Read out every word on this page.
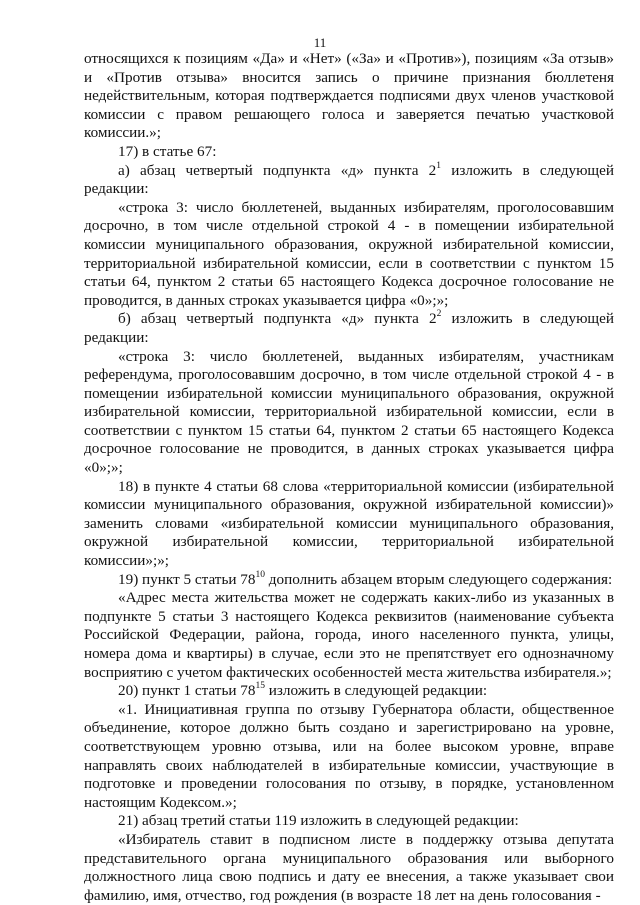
11

относящихся к позициям «Да» и «Нет» («За» и «Против»), позициям «За отзыв» и «Против отзыва» вносится запись о причине признания бюллетеня недействительным, которая подтверждается подписями двух членов участковой комиссии с правом решающего голоса и заверяется печатью участковой комиссии.»;

17) в статье 67:

а) абзац четвертый подпункта «д» пункта $2^1$ изложить в следующей редакции:

«строка 3: число бюллетеней, выданных избирателям, проголосовавшим досрочно, в том числе отдельной строкой 4 - в помещении избирательной комиссии муниципального образования, окружной избирательной комиссии, территориальной избирательной комиссии, если в соответствии с пунктом 15 статьи 64, пунктом 2 статьи 65 настоящего Кодекса досрочное голосование не проводится, в данных строках указывается цифра «0»;»;

б) абзац четвертый подпункта «д» пункта $2^2$ изложить в следующей редакции:

«строка 3: число бюллетеней, выданных избирателям, участникам референдума, проголосовавшим досрочно, в том числе отдельной строкой 4 - в помещении избирательной комиссии муниципального образования, окружной избирательной комиссии, территориальной избирательной комиссии, если в соответствии с пунктом 15 статьи 64, пунктом 2 статьи 65 настоящего Кодекса досрочное голосование не проводится, в данных строках указывается цифра «0»;»;

18) в пункте 4 статьи 68 слова «территориальной комиссии (избирательной комиссии муниципального образования, окружной избирательной комиссии)» заменить словами «избирательной комиссии муниципального образования, окружной избирательной комиссии, территориальной избирательной комиссии»;»;

19) пункт 5 статьи $78^{10}$ дополнить абзацем вторым следующего содержания:

«Адрес места жительства может не содержать каких-либо из указанных в подпункте 5 статьи 3 настоящего Кодекса реквизитов (наименование субъекта Российской Федерации, района, города, иного населенного пункта, улицы, номера дома и квартиры) в случае, если это не препятствует его однозначному восприятию с учетом фактических особенностей места жительства избирателя.»;

20) пункт 1 статьи $78^{15}$ изложить в следующей редакции:

«1. Инициативная группа по отзыву Губернатора области, общественное объединение, которое должно быть создано и зарегистрировано на уровне, соответствующем уровню отзыва, или на более высоком уровне, вправе направлять своих наблюдателей в избирательные комиссии, участвующие в подготовке и проведении голосования по отзыву, в порядке, установленном настоящим Кодексом.»;

21) абзац третий статьи 119 изложить в следующей редакции:

«Избиратель ставит в подписном листе в поддержку отзыва депутата представительного органа муниципального образования или выборного должностного лица свою подпись и дату ее внесения, а также указывает свои фамилию, имя, отчество, год рождения (в возрасте 18 лет на день голосования -
